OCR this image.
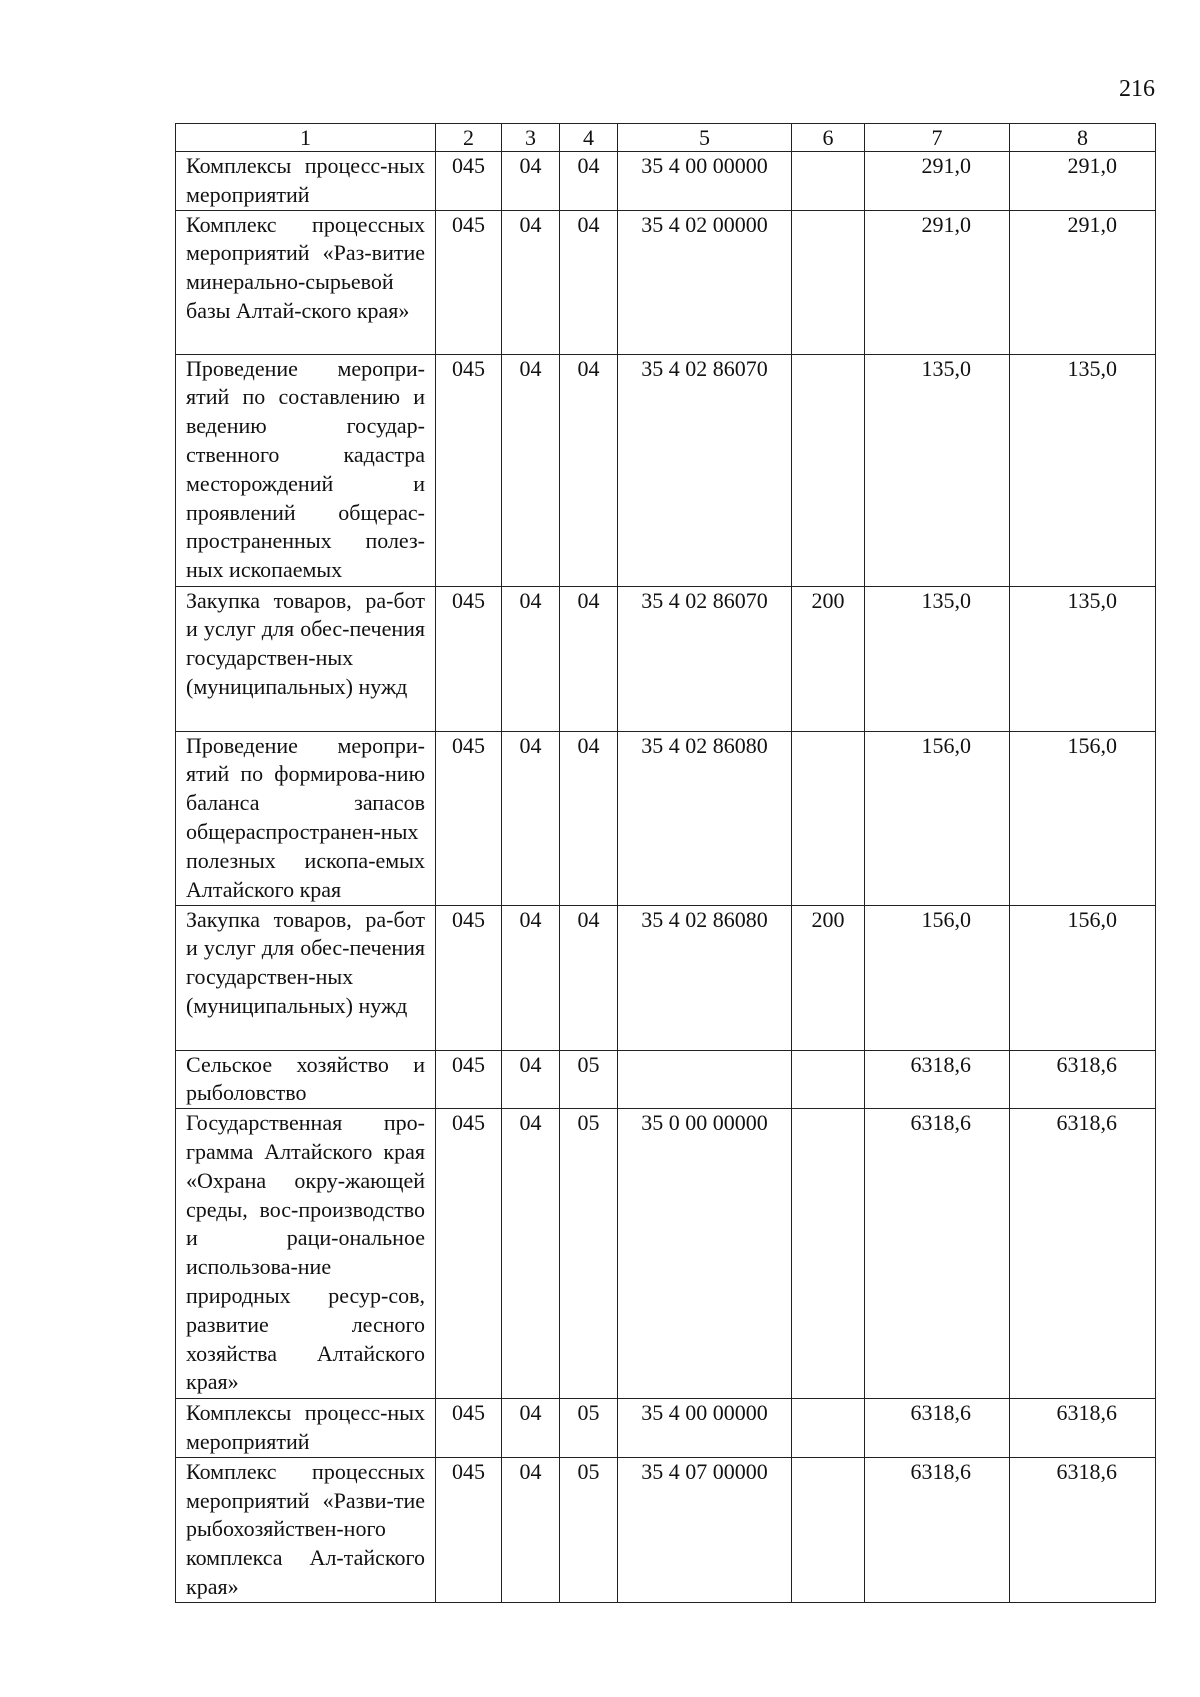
216
1	2	3	4	5	6	7	8
Комплексы процесс-ных мероприятий	045	04	04	35 4 00 00000		291,0	291,0
Комплекс процессных мероприятий «Раз-витие минерально-сырьевой базы Алтай-ского края»	045	04	04	35 4 02 00000		291,0	291,0
Проведение меропри-ятий по составлению и ведению государ-ственного кадастра месторождений и проявлений общерас-пространенных полез-ных ископаемых	045	04	04	35 4 02 86070		135,0	135,0
Закупка товаров, ра-бот и услуг для обес-печения государствен-ных (муниципальных) нужд	045	04	04	35 4 02 86070	200	135,0	135,0
Проведение меропри-ятий по формирова-нию баланса запасов общераспространен-ных полезных ископа-емых Алтайского края	045	04	04	35 4 02 86080		156,0	156,0
Закупка товаров, ра-бот и услуг для обес-печения государствен-ных (муниципальных) нужд	045	04	04	35 4 02 86080	200	156,0	156,0
Сельское хозяйство и рыболовство	045	04	05			6318,6	6318,6
Государственная про-грамма Алтайского края «Охрана окру-жающей среды, вос-производство и раци-ональное использова-ние природных ресур-сов, развитие лесного хозяйства Алтайского края»	045	04	05	35 0 00 00000		6318,6	6318,6
Комплексы процесс-ных мероприятий	045	04	05	35 4 00 00000		6318,6	6318,6
Комплекс процессных мероприятий «Разви-тие рыбохозяйствен-ного комплекса Ал-тайского края»	045	04	05	35 4 07 00000		6318,6	6318,6
